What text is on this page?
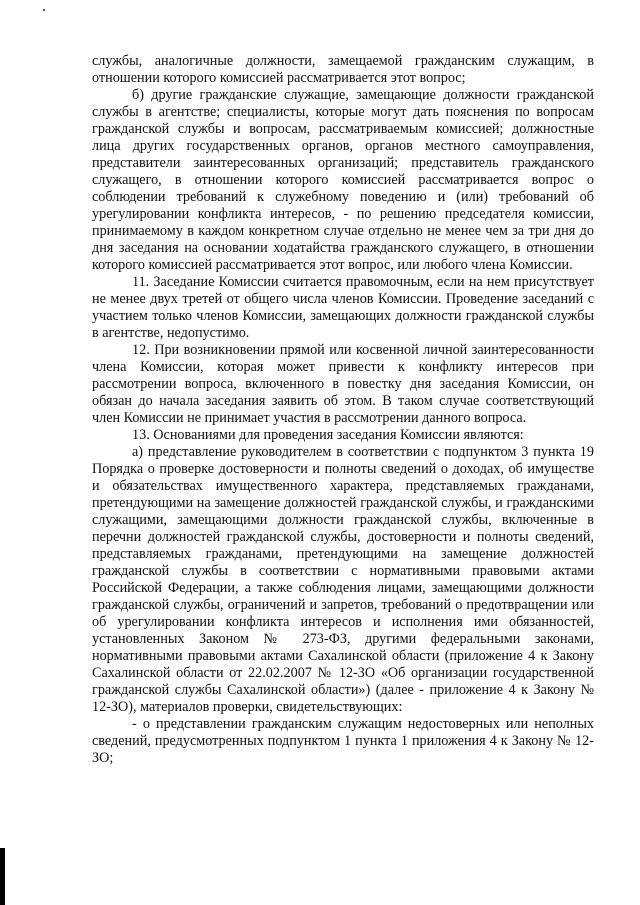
службы, аналогичные должности, замещаемой гражданским служащим, в отношении которого комиссией рассматривается этот вопрос;

б) другие гражданские служащие, замещающие должности гражданской службы в агентстве; специалисты, которые могут дать пояснения по вопросам гражданской службы и вопросам, рассматриваемым комиссией; должностные лица других государственных органов, органов местного самоуправления, представители заинтересованных организаций; представитель гражданского служащего, в отношении которого комиссией рассматривается вопрос о соблюдении требований к служебному поведению и (или) требований об урегулировании конфликта интересов, - по решению председателя комиссии, принимаемому в каждом конкретном случае отдельно не менее чем за три дня до дня заседания на основании ходатайства гражданского служащего, в отношении которого комиссией рассматривается этот вопрос, или любого члена Комиссии.

11. Заседание Комиссии считается правомочным, если на нем присутствует не менее двух третей от общего числа членов Комиссии. Проведение заседаний с участием только членов Комиссии, замещающих должности гражданской службы в агентстве, недопустимо.

12. При возникновении прямой или косвенной личной заинтересованности члена Комиссии, которая может привести к конфликту интересов при рассмотрении вопроса, включенного в повестку дня заседания Комиссии, он обязан до начала заседания заявить об этом. В таком случае соответствующий член Комиссии не принимает участия в рассмотрении данного вопроса.

13. Основаниями для проведения заседания Комиссии являются:

а) представление руководителем в соответствии с подпунктом 3 пункта 19 Порядка о проверке достоверности и полноты сведений о доходах, об имуществе и обязательствах имущественного характера, представляемых гражданами, претендующими на замещение должностей гражданской службы, и гражданскими служащими, замещающими должности гражданской службы, включенные в перечни должностей гражданской службы, достоверности и полноты сведений, представляемых гражданами, претендующими на замещение должностей гражданской службы в соответствии с нормативными правовыми актами Российской Федерации, а также соблюдения лицами, замещающими должности гражданской службы, ограничений и запретов, требований о предотвращении или об урегулировании конфликта интересов и исполнения ими обязанностей, установленных Законом № 273-ФЗ, другими федеральными законами, нормативными правовыми актами Сахалинской области (приложение 4 к Закону Сахалинской области от 22.02.2007 № 12-ЗО «Об организации государственной гражданской службы Сахалинской области») (далее - приложение 4 к Закону № 12-ЗО), материалов проверки, свидетельствующих:

- о представлении гражданским служащим недостоверных или неполных сведений, предусмотренных подпунктом 1 пункта 1 приложения 4 к Закону № 12-ЗО;
